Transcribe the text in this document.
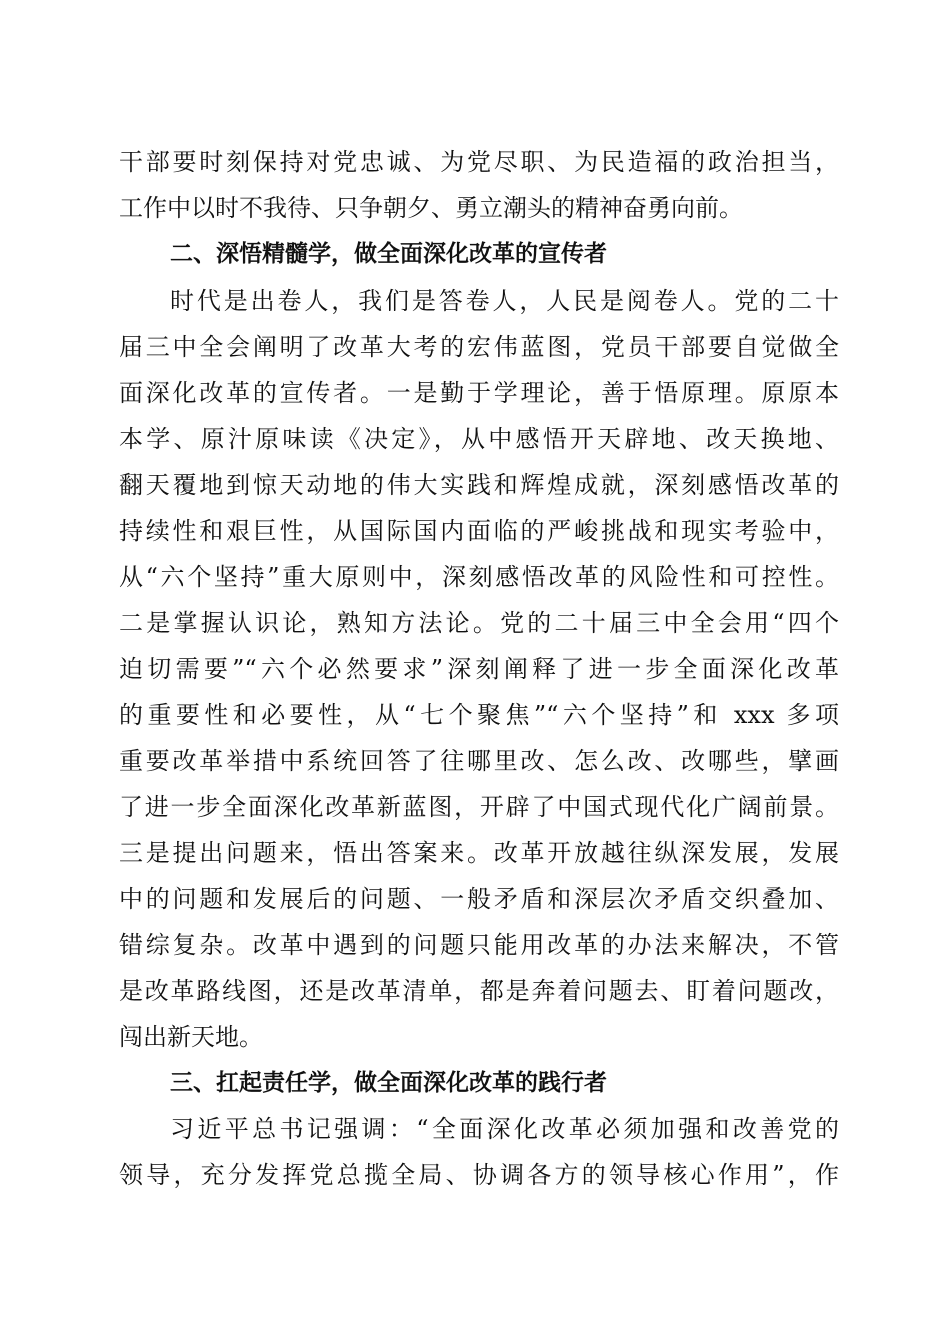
干部要时刻保持对党忠诚、为党尽职、为民造福的政治担当，
工作中以时不我待、只争朝夕、勇立潮头的精神奋勇向前。
二、深悟精髓学，做全面深化改革的宣传者
时代是出卷人，我们是答卷人，人民是阅卷人。党的二十
届三中全会阐明了改革大考的宏伟蓝图，党员干部要自觉做全
面深化改革的宣传者。一是勤于学理论，善于悟原理。原原本
本学、原汁原味读《决定》，从中感悟开天辟地、改天换地、
翻天覆地到惊天动地的伟大实践和辉煌成就，深刻感悟改革的
持续性和艰巨性，从国际国内面临的严峻挑战和现实考验中，
从“六个坚持”重大原则中，深刻感悟改革的风险性和可控性。
二是掌握认识论，熟知方法论。党的二十届三中全会用“四个
迫切需要”“六个必然要求”深刻阐释了进一步全面深化改革
的重要性和必要性，从“七个聚焦”“六个坚持”和 xxx 多项
重要改革举措中系统回答了往哪里改、怎么改、改哪些，擘画
了进一步全面深化改革新蓝图，开辟了中国式现代化广阔前景。
三是提出问题来，悟出答案来。改革开放越往纵深发展，发展
中的问题和发展后的问题、一般矛盾和深层次矛盾交织叠加、
错综复杂。改革中遇到的问题只能用改革的办法来解决，不管
是改革路线图，还是改革清单，都是奔着问题去、盯着问题改，
闯出新天地。
三、扛起责任学，做全面深化改革的践行者
习近平总书记强调：“全面深化改革必须加强和改善党的
领导，充分发挥党总揽全局、协调各方的领导核心作用”，作
